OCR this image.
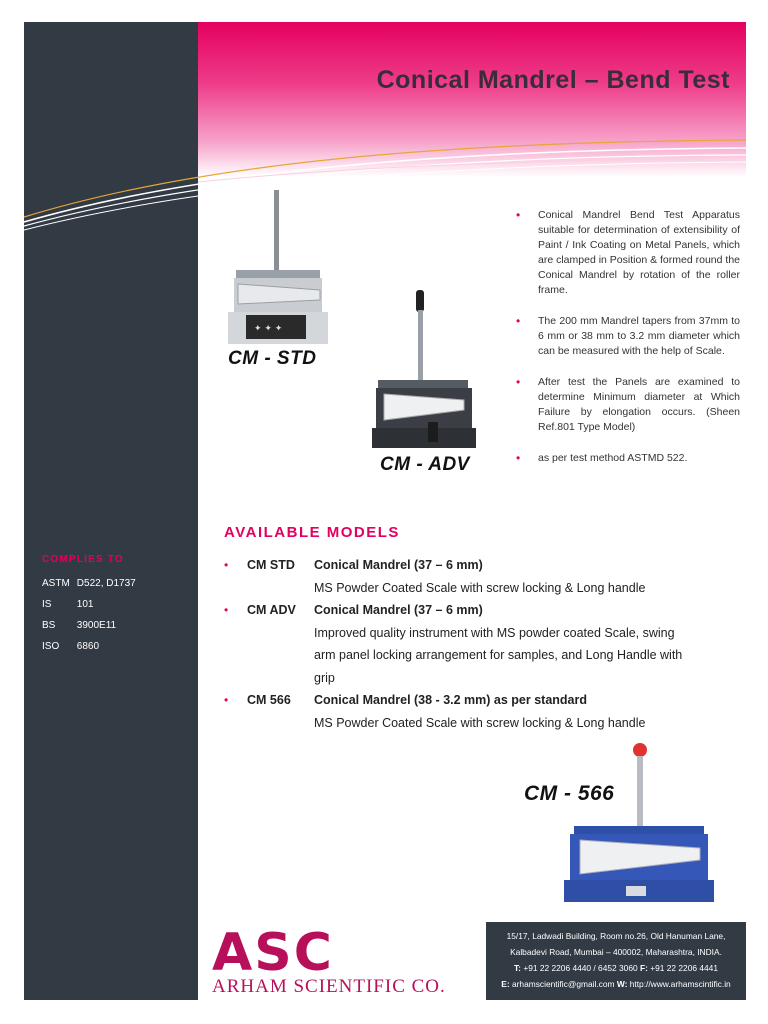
Conical Mandrel – Bend Test
✦ ✦ ✦
CM - STD
CM - ADV
• Conical Mandrel Bend Test Apparatus suitable for determination of extensibility of Paint / Ink Coating on Metal Panels, which are clamped in Position & formed round the Conical Mandrel by rotation of the roller frame.
• The 200 mm Mandrel tapers from 37mm to 6 mm or 38 mm to 3.2 mm diameter which can be measured with the help of Scale.
• After test the Panels are examined to determine Minimum diameter at Which Failure by elongation occurs. (Sheen Ref.801 Type Model)
• as per test method ASTMD 522.
AVAILABLE MODELS
• CM STD Conical Mandrel (37 – 6 mm)
MS Powder Coated Scale with screw locking & Long handle
• CM ADV Conical Mandrel (37 – 6 mm)
Improved quality instrument with MS powder coated Scale, swing arm panel locking arrangement for samples, and Long Handle with grip
• CM 566 Conical Mandrel (38 - 3.2 mm) as per standard
MS Powder Coated Scale with screw locking & Long handle
COMPLIES TO
ASTM D522, D1737
IS	101
BS 3900E11
ISO 6860
CM - 566
ASC
ARHAM SCIENTIFIC CO.
15/17, Ladwadi Building, Room no.26, Old Hanuman Lane,
Kalbadevi Road, Mumbai – 400002, Maharashtra, INDIA.
T: +91 22 2206 4440 / 6452 3060 F: +91 22 2206 4441
E: arhamscientific@gmail.com W: http://www.arhamscintific.in
